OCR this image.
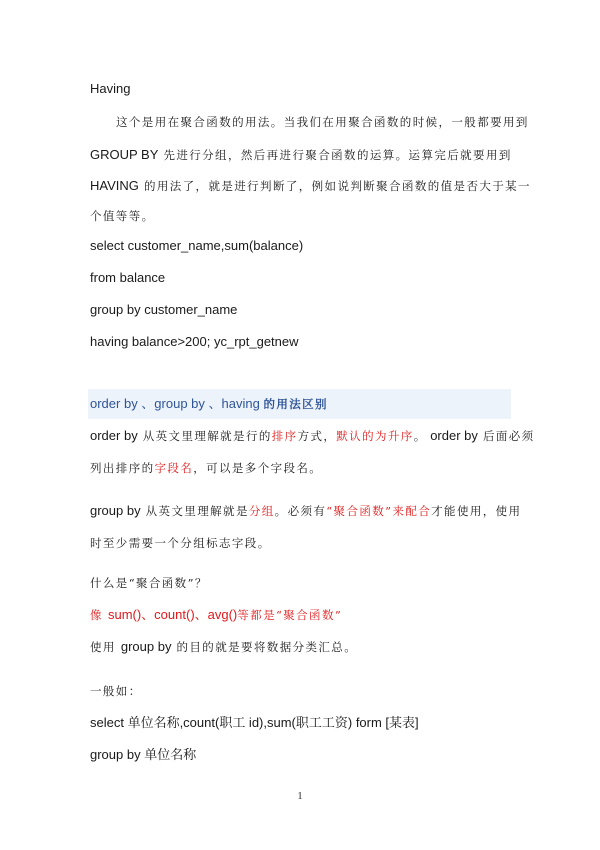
Having
这个是用在聚合函数的用法。当我们在用聚合函数的时候，一般都要用到
GROUP BY 先进行分组，然后再进行聚合函数的运算。运算完后就要用到
HAVING 的用法了，就是进行判断了，例如说判断聚合函数的值是否大于某一
个值等等。
select customer_name,sum(balance)
from balance
group by customer_name
having balance>200; yc_rpt_getnew
order by 、group by 、having 的用法区别
order by 从英文里理解就是行的排序方式，默认的为升序。 order by 后面必须
列出排序的字段名，可以是多个字段名。
group by 从英文里理解就是分组。必须有“聚合函数”来配合才能使用，使用
时至少需要一个分组标志字段。
什么是“聚合函数”？
像 sum()、count()、avg()等都是“聚合函数”
使用 group by 的目的就是要将数据分类汇总。
一般如：
select 单位名称,count(职工 id),sum(职工工资) form [某表]
group by 单位名称
1
